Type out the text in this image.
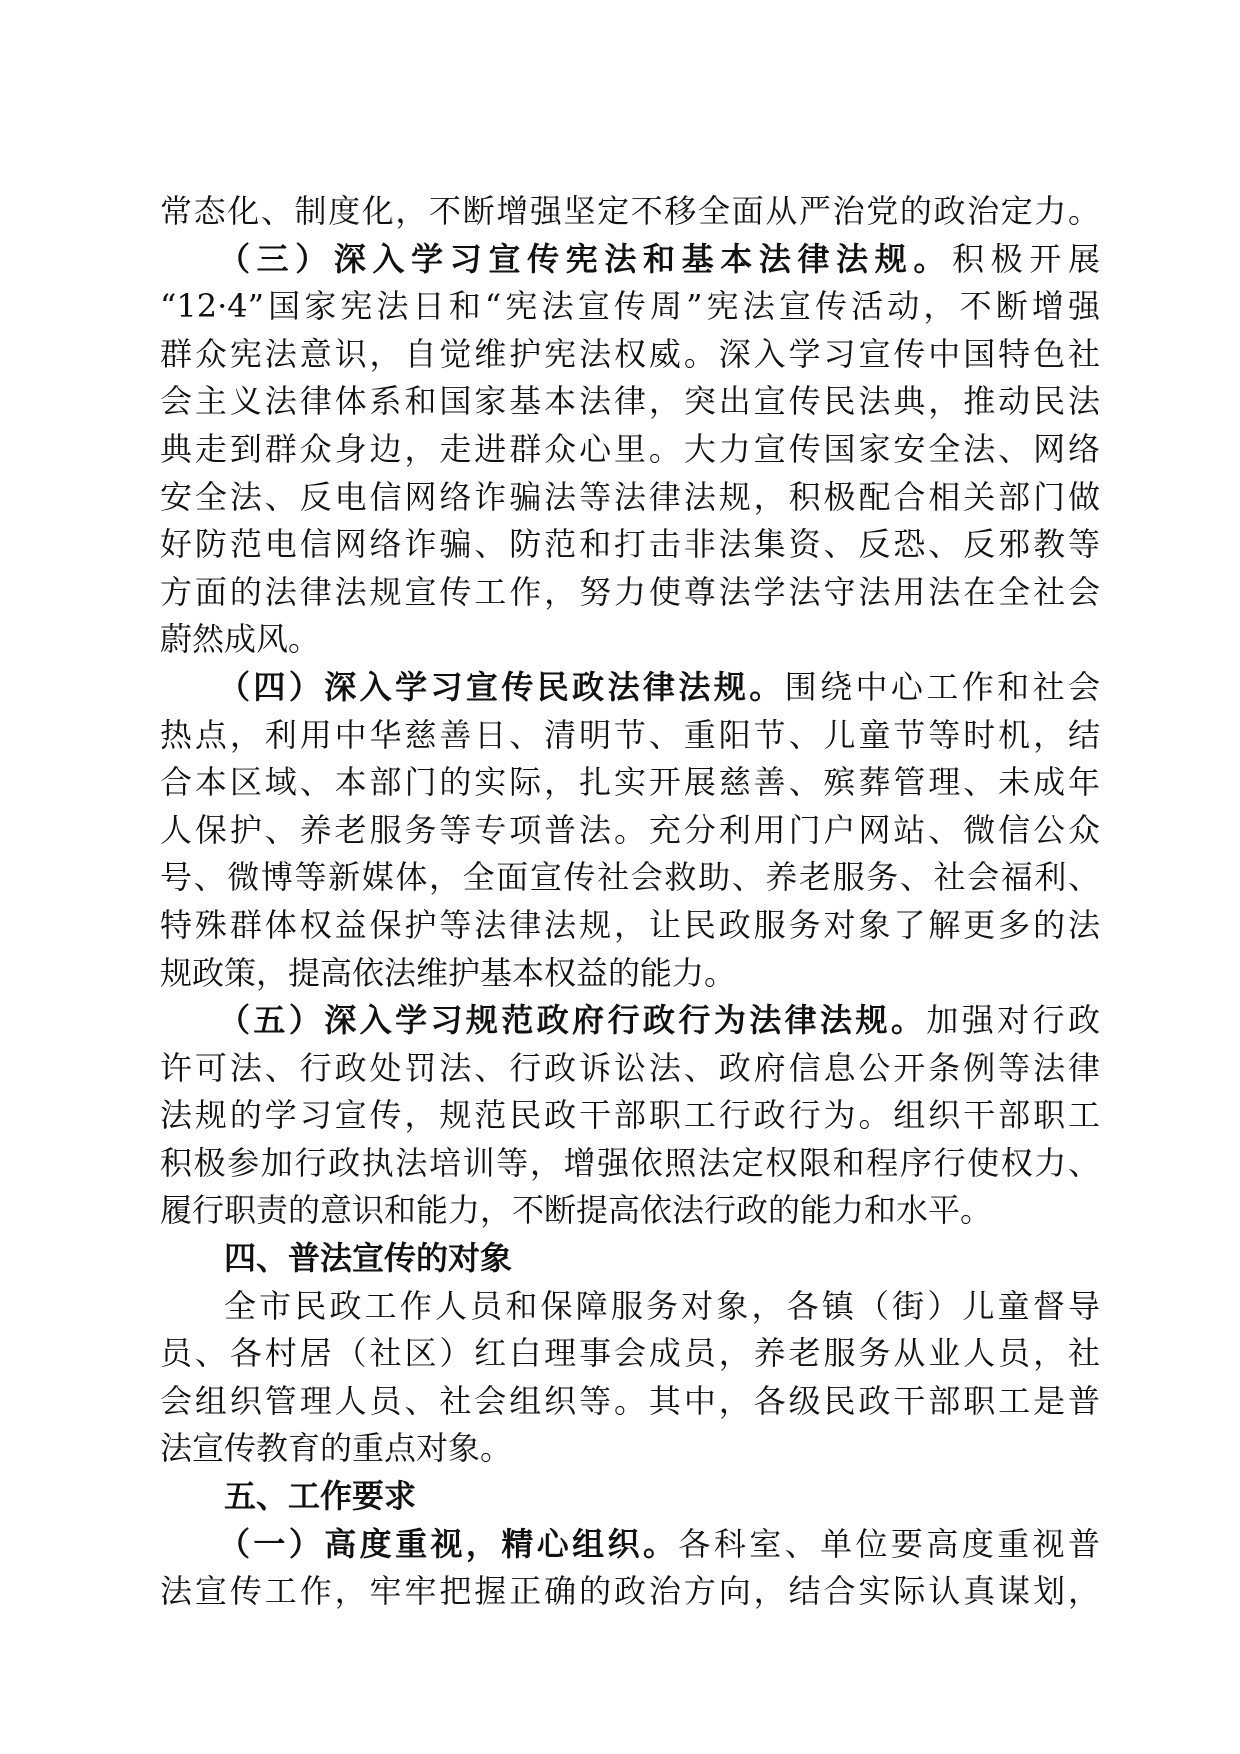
常态化、制度化，不断增强坚定不移全面从严治党的政治定力。
（三）深入学习宣传宪法和基本法律法规。积极开展
“12·4”国家宪法日和“宪法宣传周”宪法宣传活动，不断增强
群众宪法意识，自觉维护宪法权威。深入学习宣传中国特色社
会主义法律体系和国家基本法律，突出宣传民法典，推动民法
典走到群众身边，走进群众心里。大力宣传国家安全法、网络
安全法、反电信网络诈骗法等法律法规，积极配合相关部门做
好防范电信网络诈骗、防范和打击非法集资、反恐、反邪教等
方面的法律法规宣传工作，努力使尊法学法守法用法在全社会
蔚然成风。
（四）深入学习宣传民政法律法规。围绕中心工作和社会
热点，利用中华慈善日、清明节、重阳节、儿童节等时机，结
合本区域、本部门的实际，扎实开展慈善、殡葬管理、未成年
人保护、养老服务等专项普法。充分利用门户网站、微信公众
号、微博等新媒体，全面宣传社会救助、养老服务、社会福利、
特殊群体权益保护等法律法规，让民政服务对象了解更多的法
规政策，提高依法维护基本权益的能力。
（五）深入学习规范政府行政行为法律法规。加强对行政
许可法、行政处罚法、行政诉讼法、政府信息公开条例等法律
法规的学习宣传，规范民政干部职工行政行为。组织干部职工
积极参加行政执法培训等，增强依照法定权限和程序行使权力、
履行职责的意识和能力，不断提高依法行政的能力和水平。
四、普法宣传的对象
全市民政工作人员和保障服务对象，各镇（街）儿童督导
员、各村居（社区）红白理事会成员，养老服务从业人员，社
会组织管理人员、社会组织等。其中，各级民政干部职工是普
法宣传教育的重点对象。
五、工作要求
（一）高度重视，精心组织。各科室、单位要高度重视普
法宣传工作，牢牢把握正确的政治方向，结合实际认真谋划，
